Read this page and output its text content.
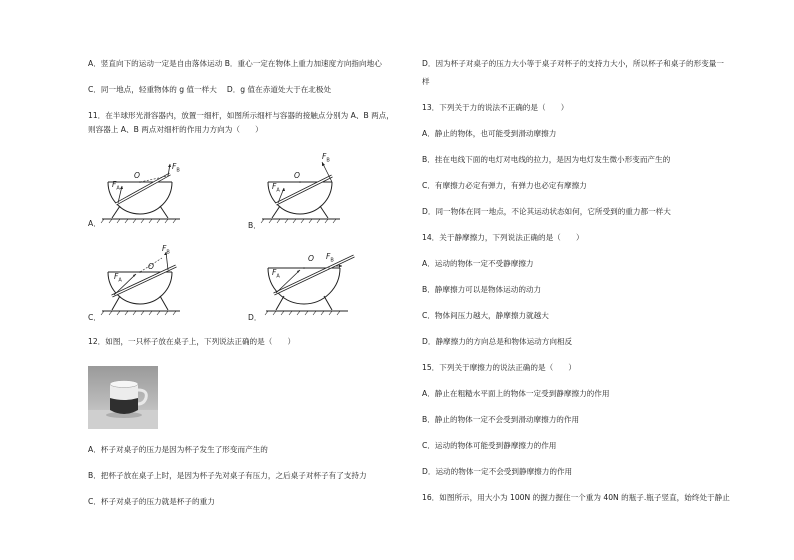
A．竖直向下的运动一定是自由落体运动 B．重心一定在物体上重力加速度方向指向地心
C．同一地点，轻重物体的 g 值一样大　 D．g 值在赤道处大于在北极处
11．在半球形光滑容器内，放置一细杆，如图所示细杆与容器的接触点分别为 A、B 两点，
则容器上 A、B 两点对细杆的作用力方向为（　　）
$F_A$
$F_B$
O
A．
$F_A$
$F_B$
O
B．
$F_A$
$F_B$
O
C．
$F_A$
$F_B$
O
D．
12．如图，一只杯子放在桌子上，下列说法正确的是（　　）
A．杯子对桌子的压力是因为杯子发生了形变而产生的
B．把杯子放在桌子上时，是因为杯子先对桌子有压力，之后桌子对杯子有了支持力
C．杯子对桌子的压力就是杯子的重力
D．因为杯子对桌子的压力大小等于桌子对杯子的支持力大小，所以杯子和桌子的形变量一
样
13．下列关于力的说法不正确的是（　　）
A．静止的物体，也可能受到滑动摩擦力
B．挂在电线下面的电灯对电线的拉力，是因为电灯发生微小形变而产生的
C．有摩擦力必定有弹力，有弹力也必定有摩擦力
D．同一物体在同一地点，不论其运动状态如何，它所受到的重力都一样大
14．关于静摩擦力，下列说法正确的是（　　）
A．运动的物体一定不受静摩擦力
B．静摩擦力可以是物体运动的动力
C．物体间压力越大，静摩擦力就越大
D．静摩擦力的方向总是和物体运动方向相反
15．下列关于摩擦力的说法正确的是（　　）
A．静止在粗糙水平面上的物体一定受到静摩擦力的作用
B．静止的物体一定不会受到滑动摩擦力的作用
C．运动的物体可能受到静摩擦力的作用
D．运动的物体一定不会受到静摩擦力的作用
16．如图所示，用大小为 100N 的握力握住一个重为 40N 的瓶子.瓶子竖直，始终处于静止
